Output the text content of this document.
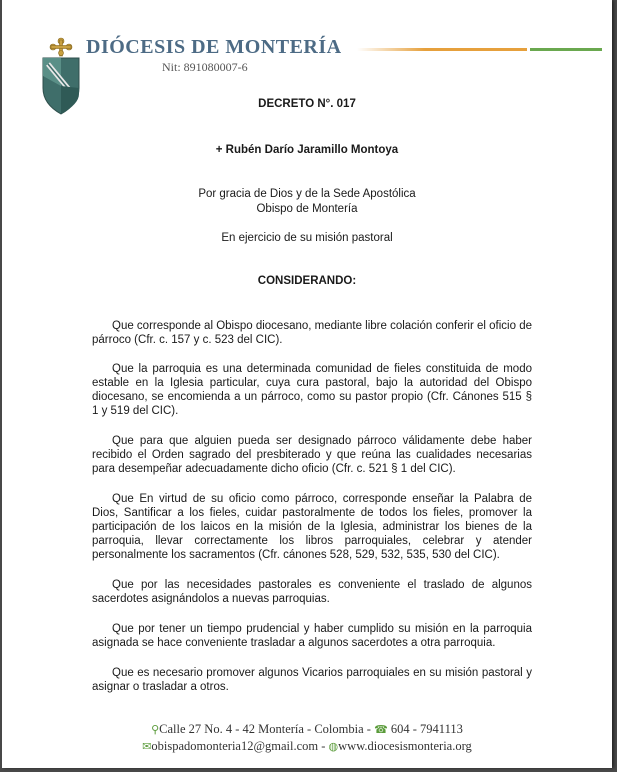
DIÓCESIS DE MONTERÍA
Nit: 891080007-6
DECRETO N°. 017
+ Rubén Darío Jaramillo Montoya
Por gracia de Dios y de la Sede Apostólica
Obispo de Montería
En ejercicio de su misión pastoral
CONSIDERANDO:
Que corresponde al Obispo diocesano, mediante libre colación conferir el oficio de párroco (Cfr. c. 157 y c. 523 del CIC).
Que la parroquia es una determinada comunidad de fieles constituida de modo estable en la Iglesia particular, cuya cura pastoral, bajo la autoridad del Obispo diocesano, se encomienda a un párroco, como su pastor propio (Cfr. Cánones 515 § 1 y 519 del CIC).
Que para que alguien pueda ser designado párroco válidamente debe haber recibido el Orden sagrado del presbiterado y que reúna las cualidades necesarias para desempeñar adecuadamente dicho oficio (Cfr. c. 521 § 1 del CIC).
Que En virtud de su oficio como párroco, corresponde enseñar la Palabra de Dios, Santificar a los fieles, cuidar pastoralmente de todos los fieles, promover la participación de los laicos en la misión de la Iglesia, administrar los bienes de la parroquia, llevar correctamente los libros parroquiales, celebrar y atender personalmente los sacramentos (Cfr. cánones 528, 529, 532, 535, 530 del CIC).
Que por las necesidades pastorales es conveniente el traslado de algunos sacerdotes asignándolos a nuevas parroquias.
Que por tener un tiempo prudencial y haber cumplido su misión en la parroquia asignada se hace conveniente trasladar a algunos sacerdotes a otra parroquia.
Que es necesario promover algunos Vicarios parroquiales en su misión pastoral y asignar o trasladar a otros.
⚲Calle 27 No. 4 - 42 Montería - Colombia - ☎ 604 - 7941113
✉obispadomonteria12@gmail.com - ◍www.diocesismonteria.org
